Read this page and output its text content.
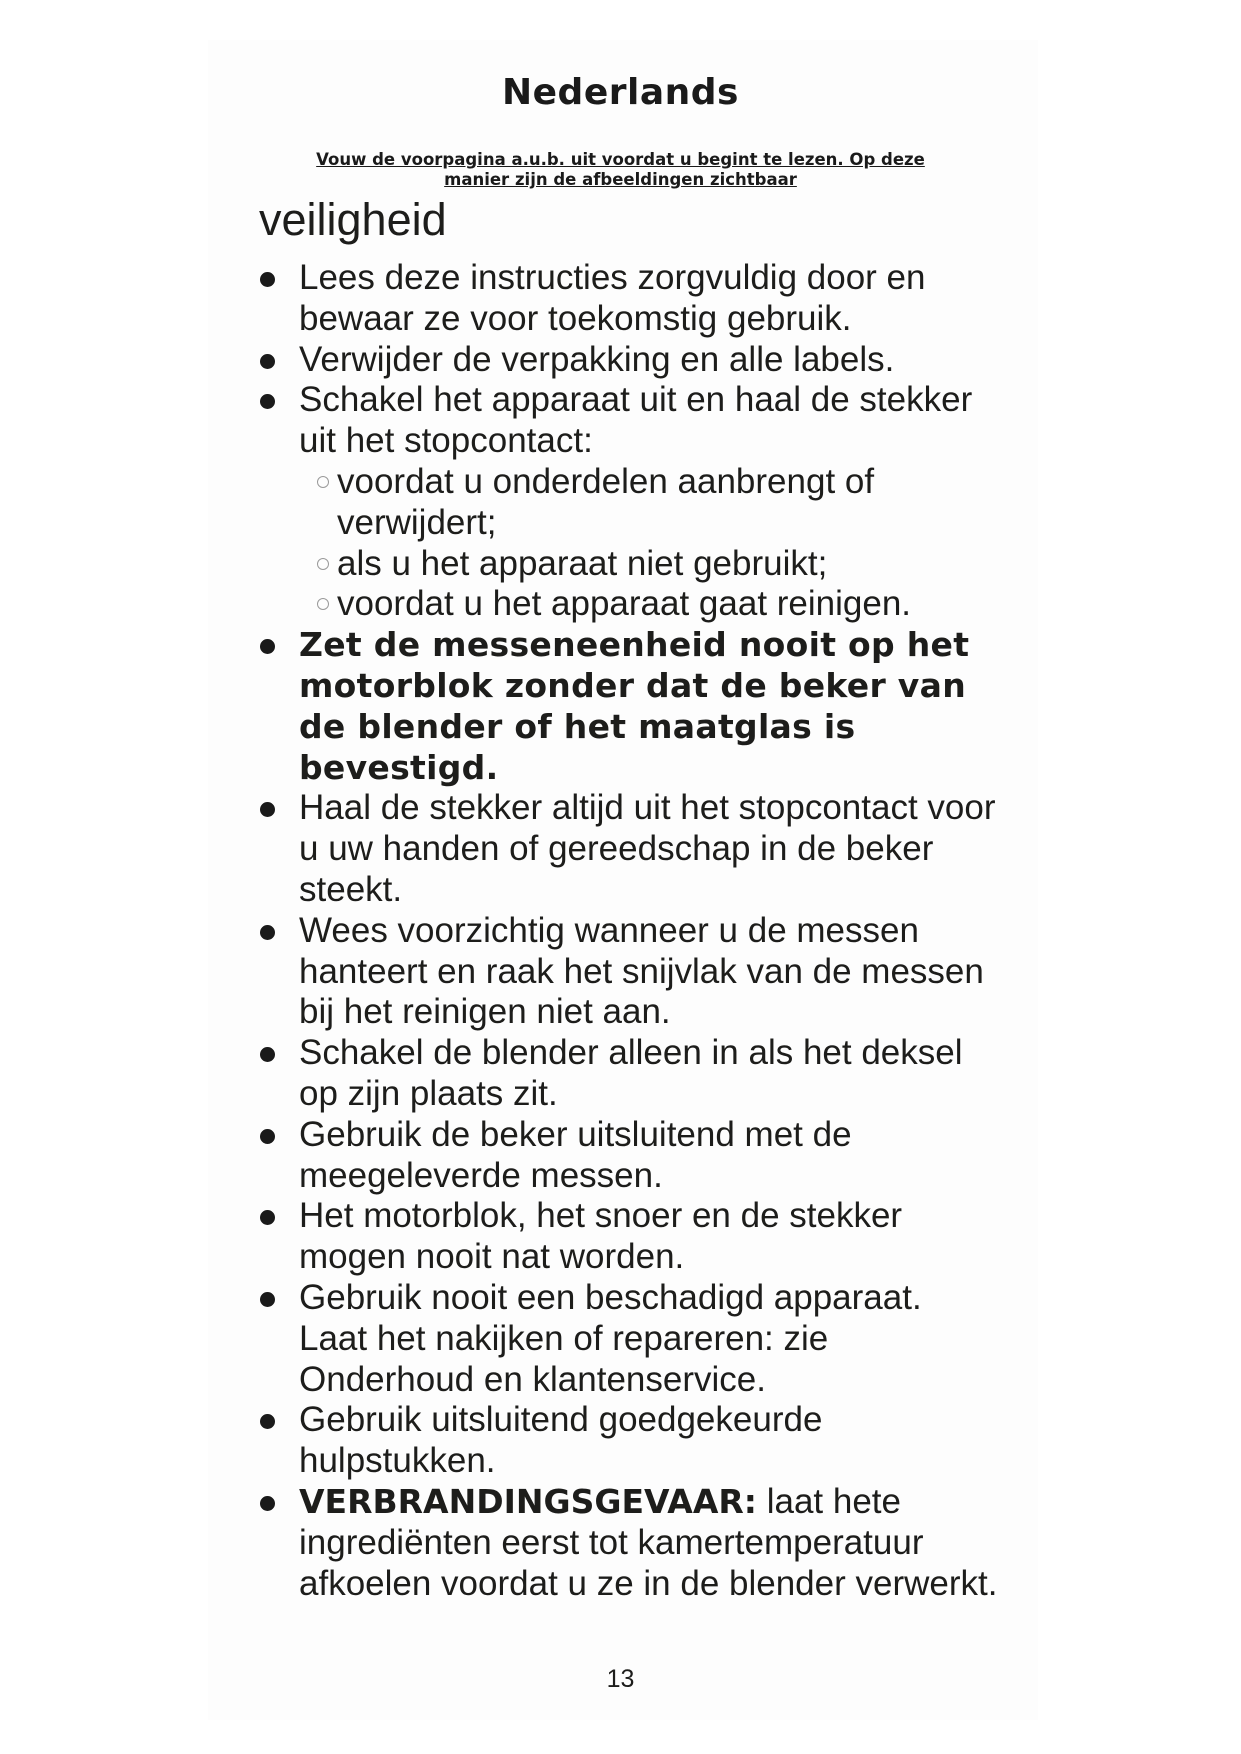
Nederlands
Vouw de voorpagina a.u.b. uit voordat u begint te lezen. Op deze
manier zijn de afbeeldingen zichtbaar
veiligheid
Lees deze instructies zorgvuldig door en bewaar ze voor toekomstig gebruik.
Verwijder de verpakking en alle labels.
Schakel het apparaat uit en haal de stekker uit het stopcontact:
voordat u onderdelen aanbrengt of verwijdert;
als u het apparaat niet gebruikt;
voordat u het apparaat gaat reinigen.
Zet de messeneenheid nooit op het motorblok zonder dat de beker van de blender of het maatglas is bevestigd.
Haal de stekker altijd uit het stopcontact voor u uw handen of gereedschap in de beker steekt.
Wees voorzichtig wanneer u de messen hanteert en raak het snijvlak van de messen bij het reinigen niet aan.
Schakel de blender alleen in als het deksel op zijn plaats zit.
Gebruik de beker uitsluitend met de meegeleverde messen.
Het motorblok, het snoer en de stekker mogen nooit nat worden.
Gebruik nooit een beschadigd apparaat. Laat het nakijken of repareren: zie Onderhoud en klantenservice.
Gebruik uitsluitend goedgekeurde hulpstukken.
VERBRANDINGSGEVAAR: laat hete ingrediënten eerst tot kamertemperatuur afkoelen voordat u ze in de blender verwerkt.
13
